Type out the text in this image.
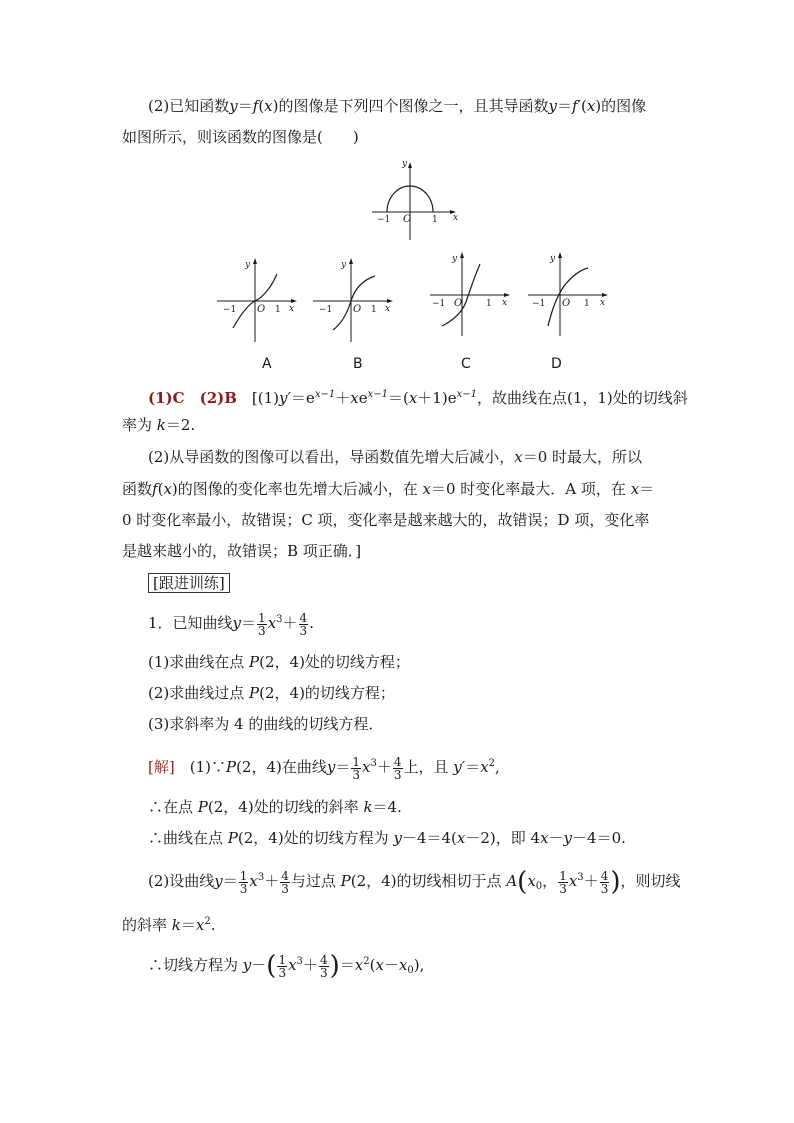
(2)已知函数y＝f(x)的图像是下列四个图像之一，且其导函数y＝f′(x)的图像
如图所示，则该函数的图像是(　　)
y
x
O
−1	1
y
x
O
−1	1
y
x
O
−1	1
y
x
O
−1	1
y
x
O
−1	1
A	B	C	D
(1)C　 (2)B　 [$(1)y'=e^{x-1}+xe^{x-1}=(x+1)e^{x-1}$，故曲线在点(1，1)处的切线斜
率为 k＝2.
(2)从导函数的图像可以看出，导函数值先增大后减小，x＝0 时最大，所以
函数f(x)的图像的变化率也先增大后减小，在 x＝0 时变化率最大．A 项，在 x＝
0 时变化率最小，故错误；C 项，变化率是越来越大的，故错误；D 项，变化率
是越来越小的，故错误；B 项正确．]
[跟进训练]
1．已知曲线$y= \frac{1}{3} x^3+ \frac{4}{3}$ .
(1)求曲线在点 P(2，4)处的切线方程；
(2)求曲线过点 P(2，4)的切线方程；
(3)求斜率为 4 的曲线的切线方程．
[解]　(1)∵P(2，4)在曲线$y= \frac{1}{3} x^3+ \frac{4}{3}$ 上，且 $y'=x^2$,
∴在点 P(2，4)处的切线的斜率 k＝4.
∴曲线在点 P(2，4)处的切线方程为 y－4＝4(x－2)，即 4x－y－4＝0.
(2)设曲线$y= \frac{1}{3} x^3+ \frac{4}{3}$ 与过点 P(2，4)的切线相切于点 $A(x_0$， $\frac{1}{3} x^3+ \frac{4}{3}$ )，则切线
的斜率 $k=x^2$.
∴切线方程为 $y-( \frac{1}{3} x^3+ \frac{4}{3} )=x^2(x-x_0)$,
